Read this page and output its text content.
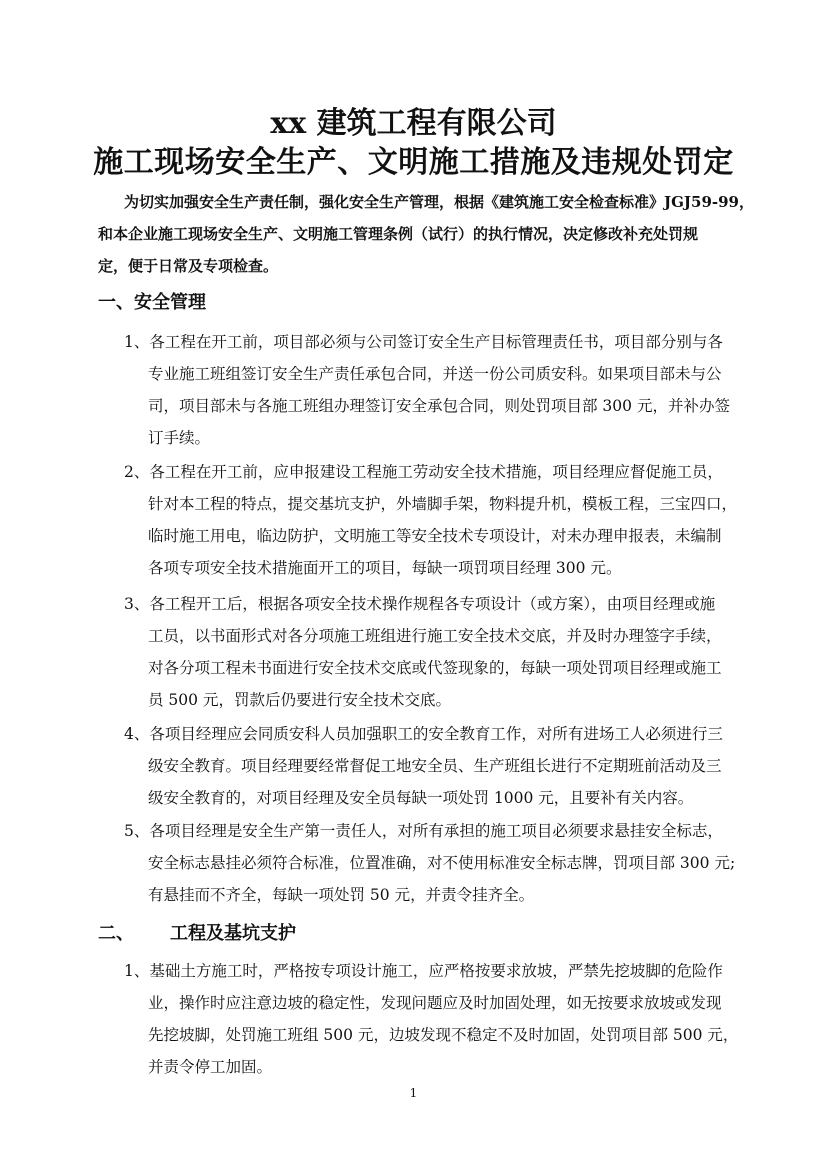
xx 建筑工程有限公司
施工现场安全生产、文明施工措施及违规处罚定

为切实加强安全生产责任制，强化安全生产管理，根据《建筑施工安全检查标准》JGJ59-99，

和本企业施工现场安全生产、文明施工管理条例（试行）的执行情况，决定修改补充处罚规

定，便于日常及专项检查。

一、安全管理

1、各工程在开工前，项目部必须与公司签订安全生产目标管理责任书，项目部分别与各

专业施工班组签订安全生产责任承包合同，并送一份公司质安科。如果项目部未与公

司，项目部未与各施工班组办理签订安全承包合同，则处罚项目部 300 元，并补办签

订手续。

2、各工程在开工前，应申报建设工程施工劳动安全技术措施，项目经理应督促施工员，

针对本工程的特点，提交基坑支护，外墙脚手架，物料提升机，模板工程，三宝四口，

临时施工用电，临边防护，文明施工等安全技术专项设计，对未办理申报表，未编制

各项专项安全技术措施面开工的项目，每缺一项罚项目经理 300 元。

3、各工程开工后，根据各项安全技术操作规程各专项设计（或方案），由项目经理或施

工员，以书面形式对各分项施工班组进行施工安全技术交底，并及时办理签字手续，

对各分项工程未书面进行安全技术交底或代签现象的，每缺一项处罚项目经理或施工

员 500 元，罚款后仍要进行安全技术交底。

4、各项目经理应会同质安科人员加强职工的安全教育工作，对所有进场工人必须进行三

级安全教育。项目经理要经常督促工地安全员、生产班组长进行不定期班前活动及三

级安全教育的，对项目经理及安全员每缺一项处罚 1000 元，且要补有关内容。

5、各项目经理是安全生产第一责任人，对所有承担的施工项目必须要求悬挂安全标志，

安全标志悬挂必须符合标准，位置准确，对不使用标准安全标志牌，罚项目部 300 元;

有悬挂而不齐全，每缺一项处罚 50 元，并责令挂齐全。

二、 工程及基坑支护

1、基础土方施工时，严格按专项设计施工，应严格按要求放坡，严禁先挖坡脚的危险作

业，操作时应注意边坡的稳定性，发现问题应及时加固处理，如无按要求放坡或发现

先挖坡脚，处罚施工班组 500 元，边坡发现不稳定不及时加固，处罚项目部 500 元，

并责令停工加固。

1
